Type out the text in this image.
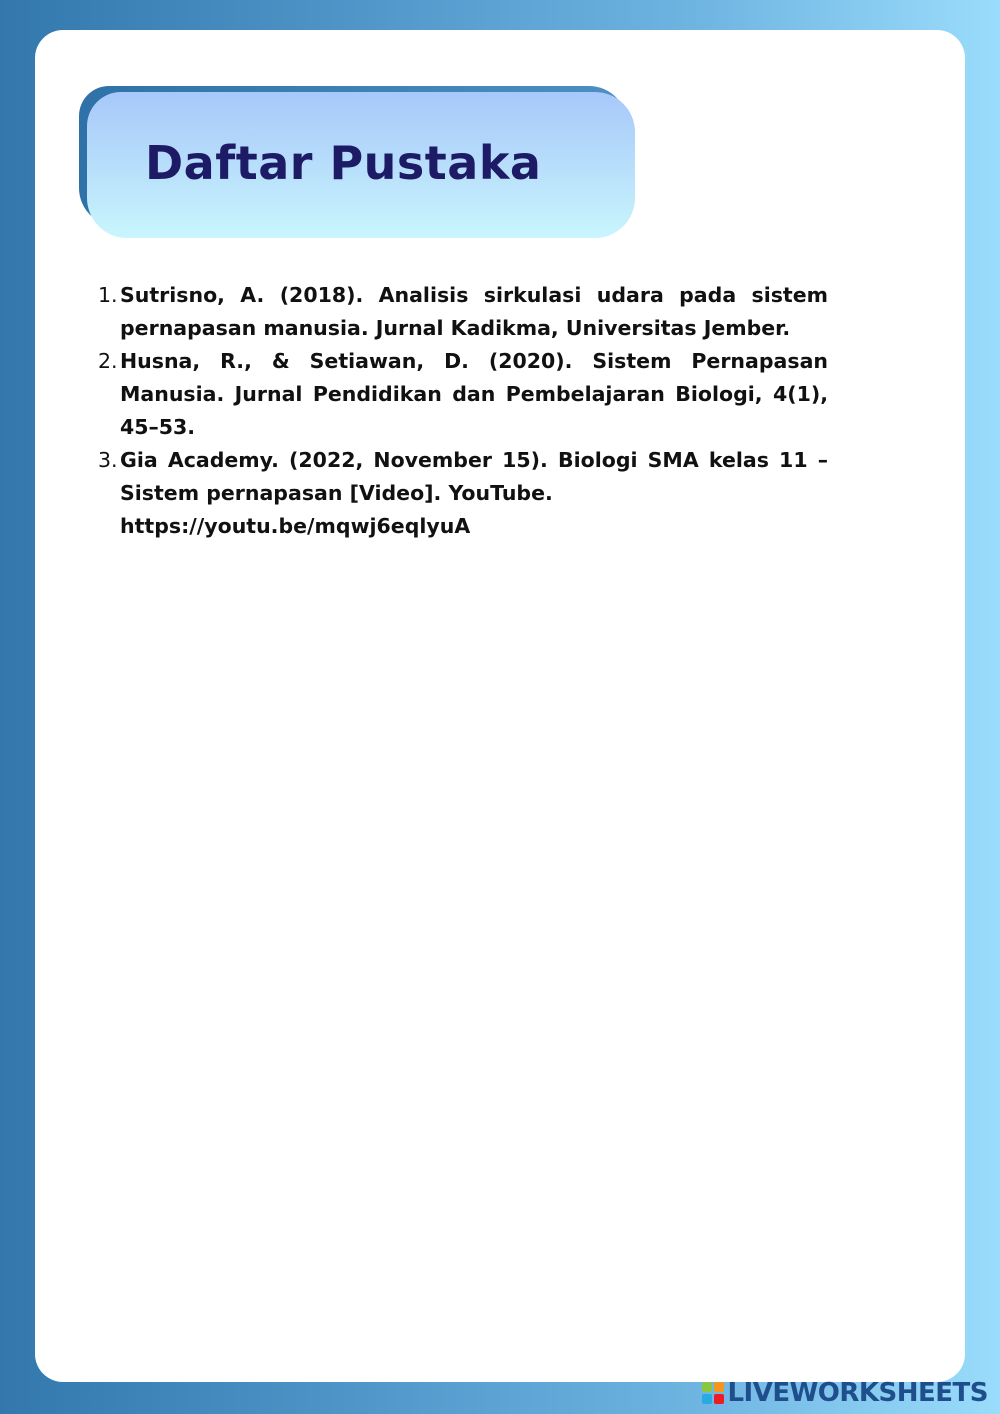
Daftar Pustaka
1. Sutrisno, A. (2018). Analisis sirkulasi udara pada sistem pernapasan manusia. Jurnal Kadikma, Universitas Jember.
2. Husna, R., & Setiawan, D. (2020). Sistem Pernapasan Manusia. Jurnal Pendidikan dan Pembelajaran Biologi, 4(1), 45–53.
3. Gia Academy. (2022, November 15). Biologi SMA kelas 11 – Sistem pernapasan [Video]. YouTube.
https://youtu.be/mqwj6eqlyuA
LIVEWORKSHEETS
